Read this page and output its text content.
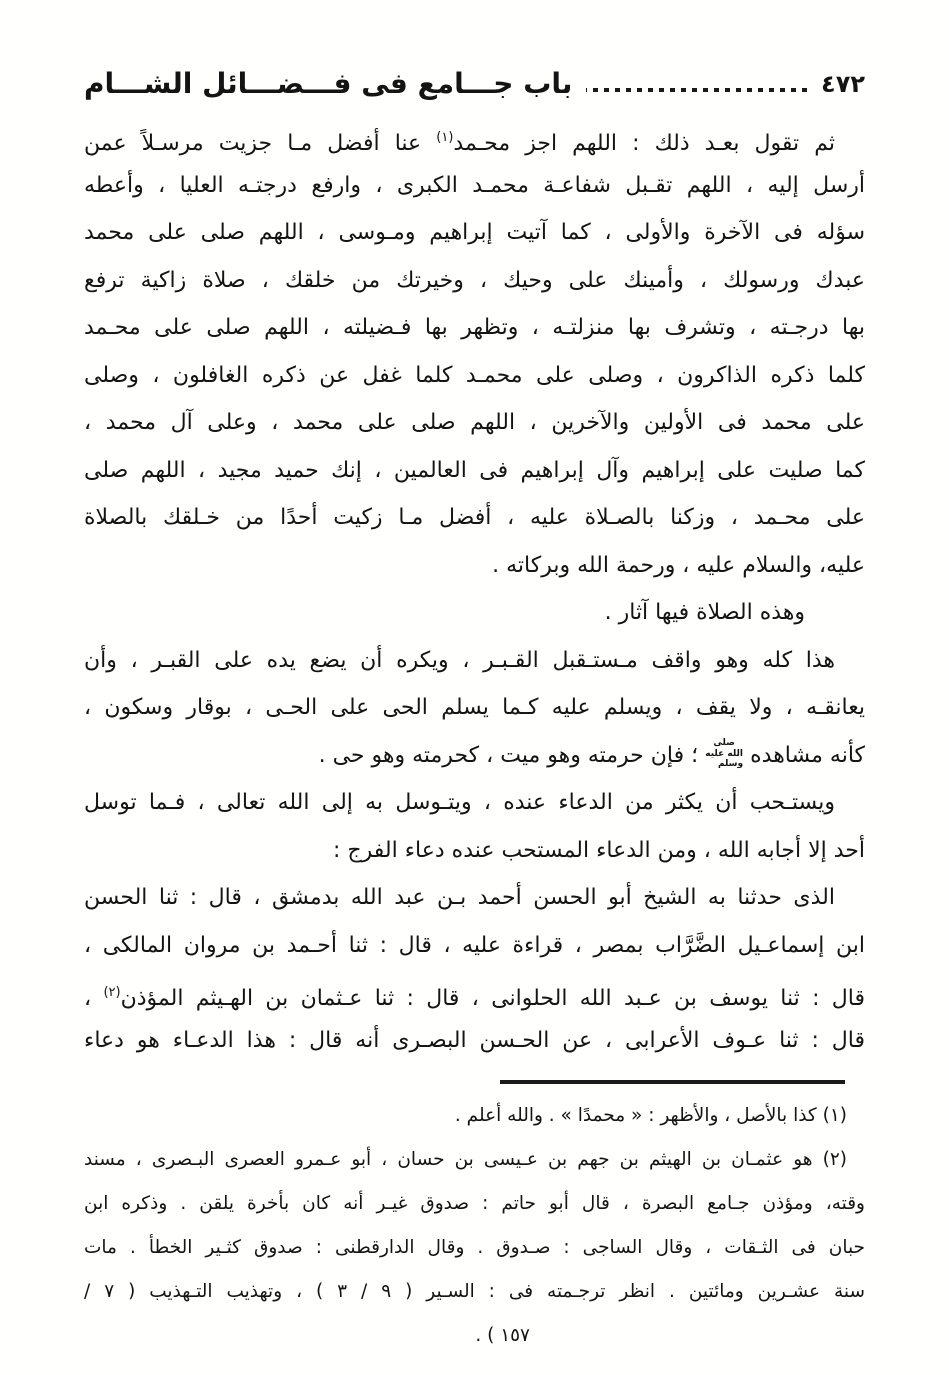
٤٧٢
باب جـــامع فى فـــضـــائل الشـــام
ثم تقول بعـد ذلك : اللهم اجز محـمد$^{(١)}$ عنا أفضل مـا جزيت مرسـلاً عمن
أرسل إليه ، اللهم تقـبل شفاعـة محمـد الكبرى ، وارفع درجتـه العليا ، وأعطه
سؤله فى الآخرة والأولى ، كما آتيت إبراهيم ومـوسى ، اللهم صلى على محمد
عبدك ورسولك ، وأمينك على وحيك ، وخيرتك من خلقك ، صلاة زاكية ترفع
بها درجـته ، وتشرف بها منزلتـه ، وتظهر بها فـضيلته ، اللهم صلى على محـمد
كلما ذكره الذاكرون ، وصلى على محمـد كلما غفل عن ذكره الغافلون ، وصلى
على محمد فى الأولين والآخرين ، اللهم صلى على محمد ، وعلى آل محمد ،
كما صليت على إبراهيم وآل إبراهيم فى العالمين ، إنك حميد مجيد ، اللهم صلى
على محـمد ، وزكنا بالصـلاة عليه ، أفضل مـا زكيت أحدًا من خـلقك بالصلاة
عليه، والسلام عليه ، ورحمة الله وبركاته .
وهذه الصلاة فيها آثار .
هذا كله وهو واقف مـستـقبل القـبـر ، ويكره أن يضع يده على القبـر ، وأن
يعانقـه ، ولا يقف ، ويسلم عليه كـما يسلم الحى على الحـى ، بوقار وسكون ،
كأنه مشاهده صلى الله عليه وسلم ؛ فإن حرمته وهو ميت ، كحرمته وهو حى .
ويستـحب أن يكثر من الدعاء عنده ، ويتـوسل به إلى الله تعالى ، فـما توسل
أحد إلا أجابه الله ، ومن الدعاء المستحب عنده دعاء الفرج :
الذى حدثنا به الشيخ أبو الحسن أحمد بـن عبد الله بدمشق ، قال : ثنا الحسن
ابن إسماعـيل الضَّرَّاب بمصر ، قراءة عليه ، قال : ثنا أحـمد بن مروان المالكى ،
قال : ثنا يوسف بن عـبد الله الحلوانى ، قال : ثنا عـثمان بن الهـيثم المؤذن$^{(٢)}$ ،
قال : ثنا عـوف الأعرابى ، عن الحـسن البصـرى أنه قال : هذا الدعـاء هو دعاء
(١) كذا بالأصل ، والأظهر : « محمدًا » . والله أعلم .
(٢) هو عثمـان بن الهيثم بن جهم بن عـيسى بن حسان ، أبو عـمرو العصرى البـصرى ، مسند
وقته، ومؤذن جـامع البصرة ، قال أبو حاتم : صدوق غيـر أنه كان بأخرة يلقن . وذكره ابن
حبان فى الثـقات ، وقال الساجى : صـدوق . وقال الدارقطنى : صدوق كثـير الخطأ . مات
سنة عشـرين ومائتين . انظر ترجـمته فى : السـير ( ٩ / ٣ ) ، وتهذيب التـهذيب ( ٧ /
١٥٧ ) .
